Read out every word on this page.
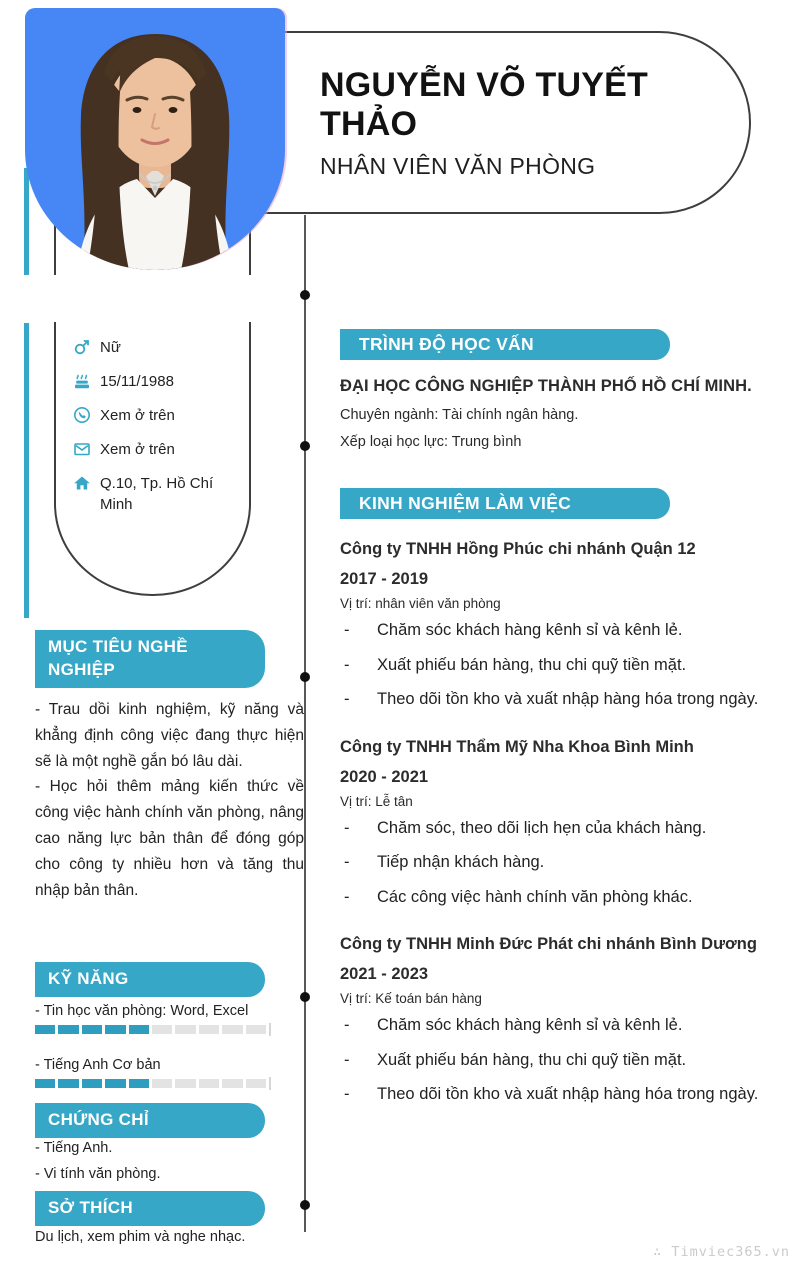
NGUYỄN VÕ TUYẾT THẢO
NHÂN VIÊN VĂN PHÒNG
Nữ
15/11/1988
Xem ở trên
Xem ở trên
Q.10, Tp. Hồ Chí Minh
MỤC TIÊU NGHỀ NGHIỆP

- Trau dồi kinh nghiệm, kỹ năng và khẳng định công việc đang thực hiện sẽ là một nghề gắn bó lâu dài.

- Học hỏi thêm mảng kiến thức về công việc hành chính văn phòng, nâng cao năng lực bản thân để đóng góp cho công ty nhiều hơn và tăng thu nhập bản thân.

KỸ NĂNG
- Tin học văn phòng: Word, Excel
- Tiếng Anh Cơ bản
CHỨNG CHỈ
- Tiếng Anh.
- Vi tính văn phòng.
SỞ THÍCH
Du lịch, xem phim và nghe nhạc.
TRÌNH ĐỘ HỌC VẤN
ĐẠI HỌC CÔNG NGHIỆP THÀNH PHỐ HỒ CHÍ MINH.
Chuyên ngành: Tài chính ngân hàng.
Xếp loại học lực: Trung bình
KINH NGHIỆM LÀM VIỆC
Công ty TNHH Hồng Phúc chi nhánh Quận 12
2017 - 2019
Vị trí: nhân viên văn phòng
-	Chăm sóc khách hàng kênh sỉ và kênh lẻ.
-	Xuất phiếu bán hàng, thu chi quỹ tiền mặt.
-	Theo dõi tồn kho và xuất nhập hàng hóa trong ngày.
Công ty TNHH Thẩm Mỹ Nha Khoa Bình Minh
2020 - 2021
Vị trí: Lễ tân
-	Chăm sóc, theo dõi lịch hẹn của khách hàng.
-	Tiếp nhận khách hàng.
-	Các công việc hành chính văn phòng khác.
Công ty TNHH Minh Đức Phát chi nhánh Bình Dương
2021 - 2023
Vị trí: Kế toán bán hàng
-	Chăm sóc khách hàng kênh sỉ và kênh lẻ.
-	Xuất phiếu bán hàng, thu chi quỹ tiền mặt.
-	Theo dõi tồn kho và xuất nhập hàng hóa trong ngày.
∴ Timviec365.vn
